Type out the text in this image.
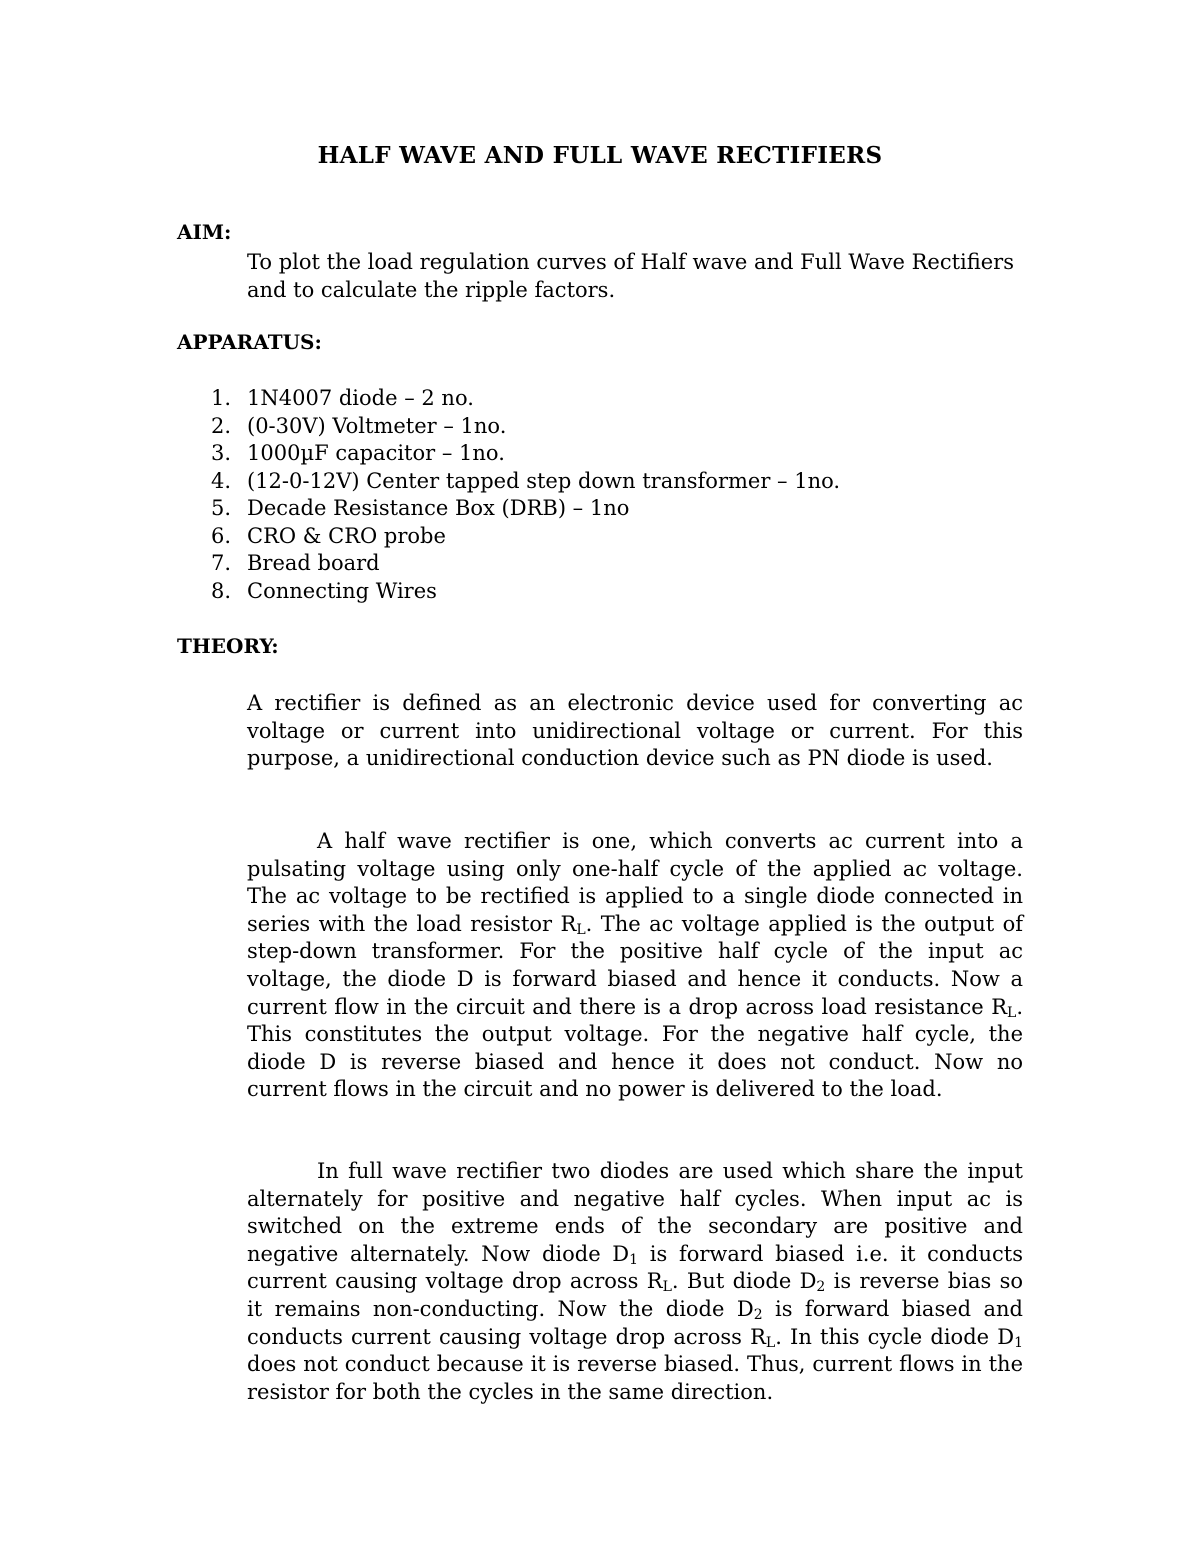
HALF WAVE AND FULL WAVE RECTIFIERS
AIM:

To plot the load regulation curves of Half wave and Full Wave Rectifiers and to calculate the ripple factors.

APPARATUS:
1. 1N4007 diode – 2 no.
2. (0-30V) Voltmeter – 1no.
3. 1000µF capacitor – 1no.
4. (12-0-12V) Center tapped step down transformer – 1no.
5. Decade Resistance Box (DRB) – 1no
6. CRO & CRO probe
7. Bread board
8. Connecting Wires
THEORY:

A rectifier is defined as an electronic device used for converting ac voltage or current into unidirectional voltage or current. For this purpose, a unidirectional conduction device such as PN diode is used.

A half wave rectifier is one, which converts ac current into a pulsating voltage using only one-half cycle of the applied ac voltage. The ac voltage to be rectified is applied to a single diode connected in series with the load resistor $R_L$. The ac voltage applied is the output of step-down transformer. For the positive half cycle of the input ac voltage, the diode D is forward biased and hence it conducts. Now a current flow in the circuit and there is a drop across load resistance $R_L$. This constitutes the output voltage. For the negative half cycle, the diode D is reverse biased and hence it does not conduct. Now no current flows in the circuit and no power is delivered to the load.

In full wave rectifier two diodes are used which share the input alternately for positive and negative half cycles. When input ac is switched on the extreme ends of the secondary are positive and negative alternately. Now diode $D_1$ is forward biased i.e. it conducts current causing voltage drop across $R_L$. But diode $D_2$ is reverse bias so it remains non-conducting. Now the diode $D_2$ is forward biased and conducts current causing voltage drop across $R_L$. In this cycle diode $D_1$ does not conduct because it is reverse biased. Thus, current flows in the resistor for both the cycles in the same direction.
